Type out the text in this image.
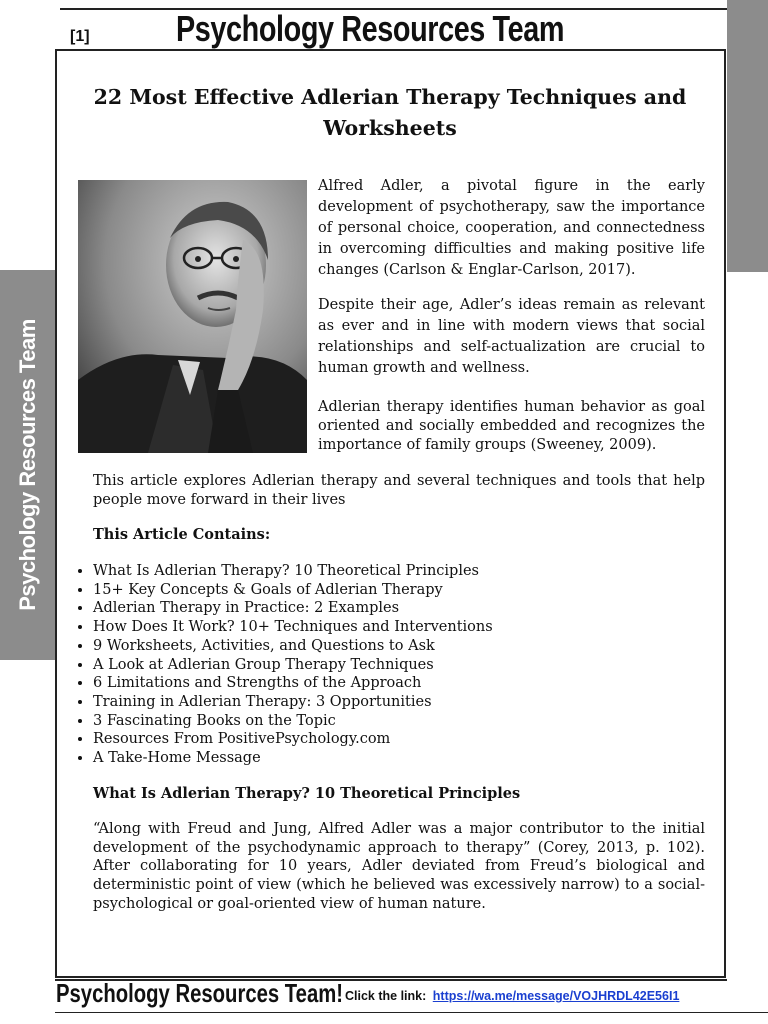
Psychology Resources Team
[1] Psychology Resources Team
22 Most Effective Adlerian Therapy Techniques and
Worksheets
Alfred Adler, a pivotal figure in the early development of psychotherapy, saw the importance of personal choice, cooperation, and connectedness in overcoming difficulties and making positive life changes (Carlson & Englar-Carlson, 2017).
Despite their age, Adler’s ideas remain as relevant as ever and in line with modern views that social relationships and self-actualization are crucial to human growth and wellness.
Adlerian therapy identifies human behavior as goal oriented and socially embedded and recognizes the importance of family groups (Sweeney, 2009).
This article explores Adlerian therapy and several techniques and tools that help people move forward in their lives
This Article Contains:
• What Is Adlerian Therapy? 10 Theoretical Principles
• 15+ Key Concepts & Goals of Adlerian Therapy
• Adlerian Therapy in Practice: 2 Examples
• How Does It Work? 10+ Techniques and Interventions
• 9 Worksheets, Activities, and Questions to Ask
• A Look at Adlerian Group Therapy Techniques
• 6 Limitations and Strengths of the Approach
• Training in Adlerian Therapy: 3 Opportunities
• 3 Fascinating Books on the Topic
• Resources From PositivePsychology.com
• A Take-Home Message
What Is Adlerian Therapy? 10 Theoretical Principles
“Along with Freud and Jung, Alfred Adler was a major contributor to the initial development of the psychodynamic approach to therapy” (Corey, 2013, p. 102). After collaborating for 10 years, Adler deviated from Freud’s biological and deterministic point of view (which he believed was excessively narrow) to a social-psychological or goal-oriented view of human nature.
Psychology Resources Team! Click the link: https://wa.me/message/VOJHRDL42E56I1
